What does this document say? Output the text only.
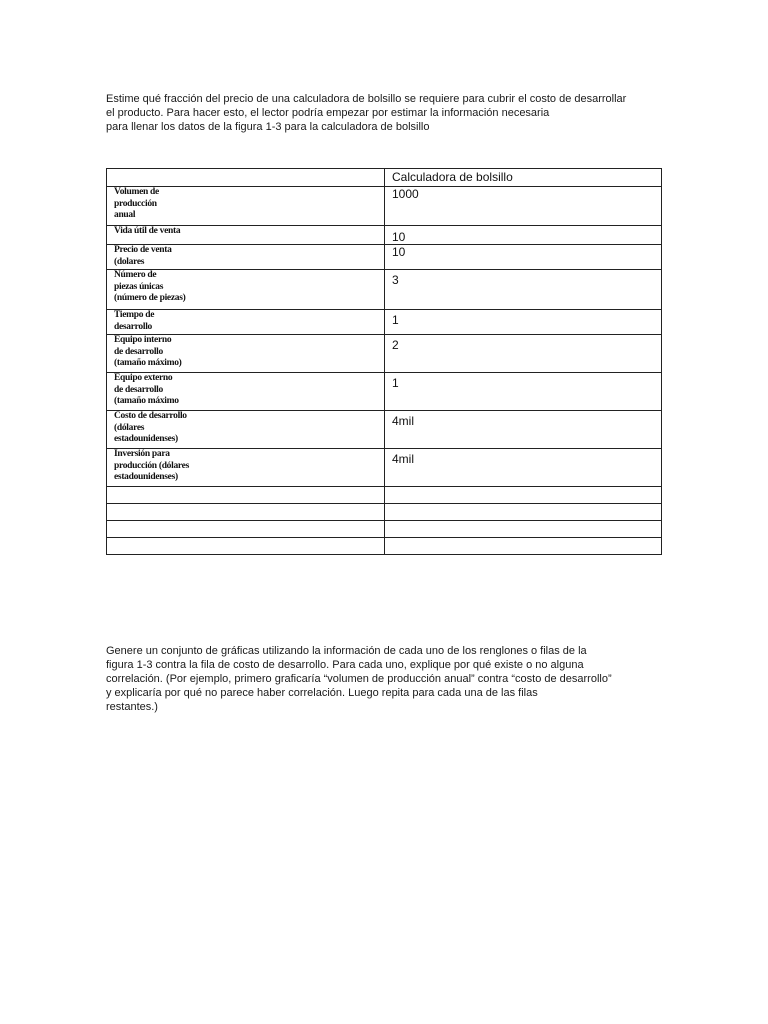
Estime qué fracción del precio de una calculadora de bolsillo se requiere para cubrir el costo de desarrollar
el producto. Para hacer esto, el lector podría empezar por estimar la información necesaria
para llenar los datos de la figura 1-3 para la calculadora de bolsillo
	Calculadora de bolsillo
Volumen de
producción
anual	1000
Vida útil de venta	10
Precio de venta
(dolares	10
Número de
piezas únicas
(número de piezas)	3
Tiempo de
desarrollo	1
Equipo interno
de desarrollo
(tamaño máximo)	2
Equipo externo
de desarrollo
(tamaño máximo	1
Costo de desarrollo
(dólares
estadounidenses)	4mil
Inversión para
producción (dólares
estadounidenses)	4mil

Genere un conjunto de gráficas utilizando la información de cada uno de los renglones o filas de la
figura 1-3 contra la fila de costo de desarrollo. Para cada uno, explique por qué existe o no alguna
correlación. (Por ejemplo, primero graficaría “volumen de producción anual” contra “costo de desarrollo”
y explicaría por qué no parece haber correlación. Luego repita para cada una de las filas
restantes.)
